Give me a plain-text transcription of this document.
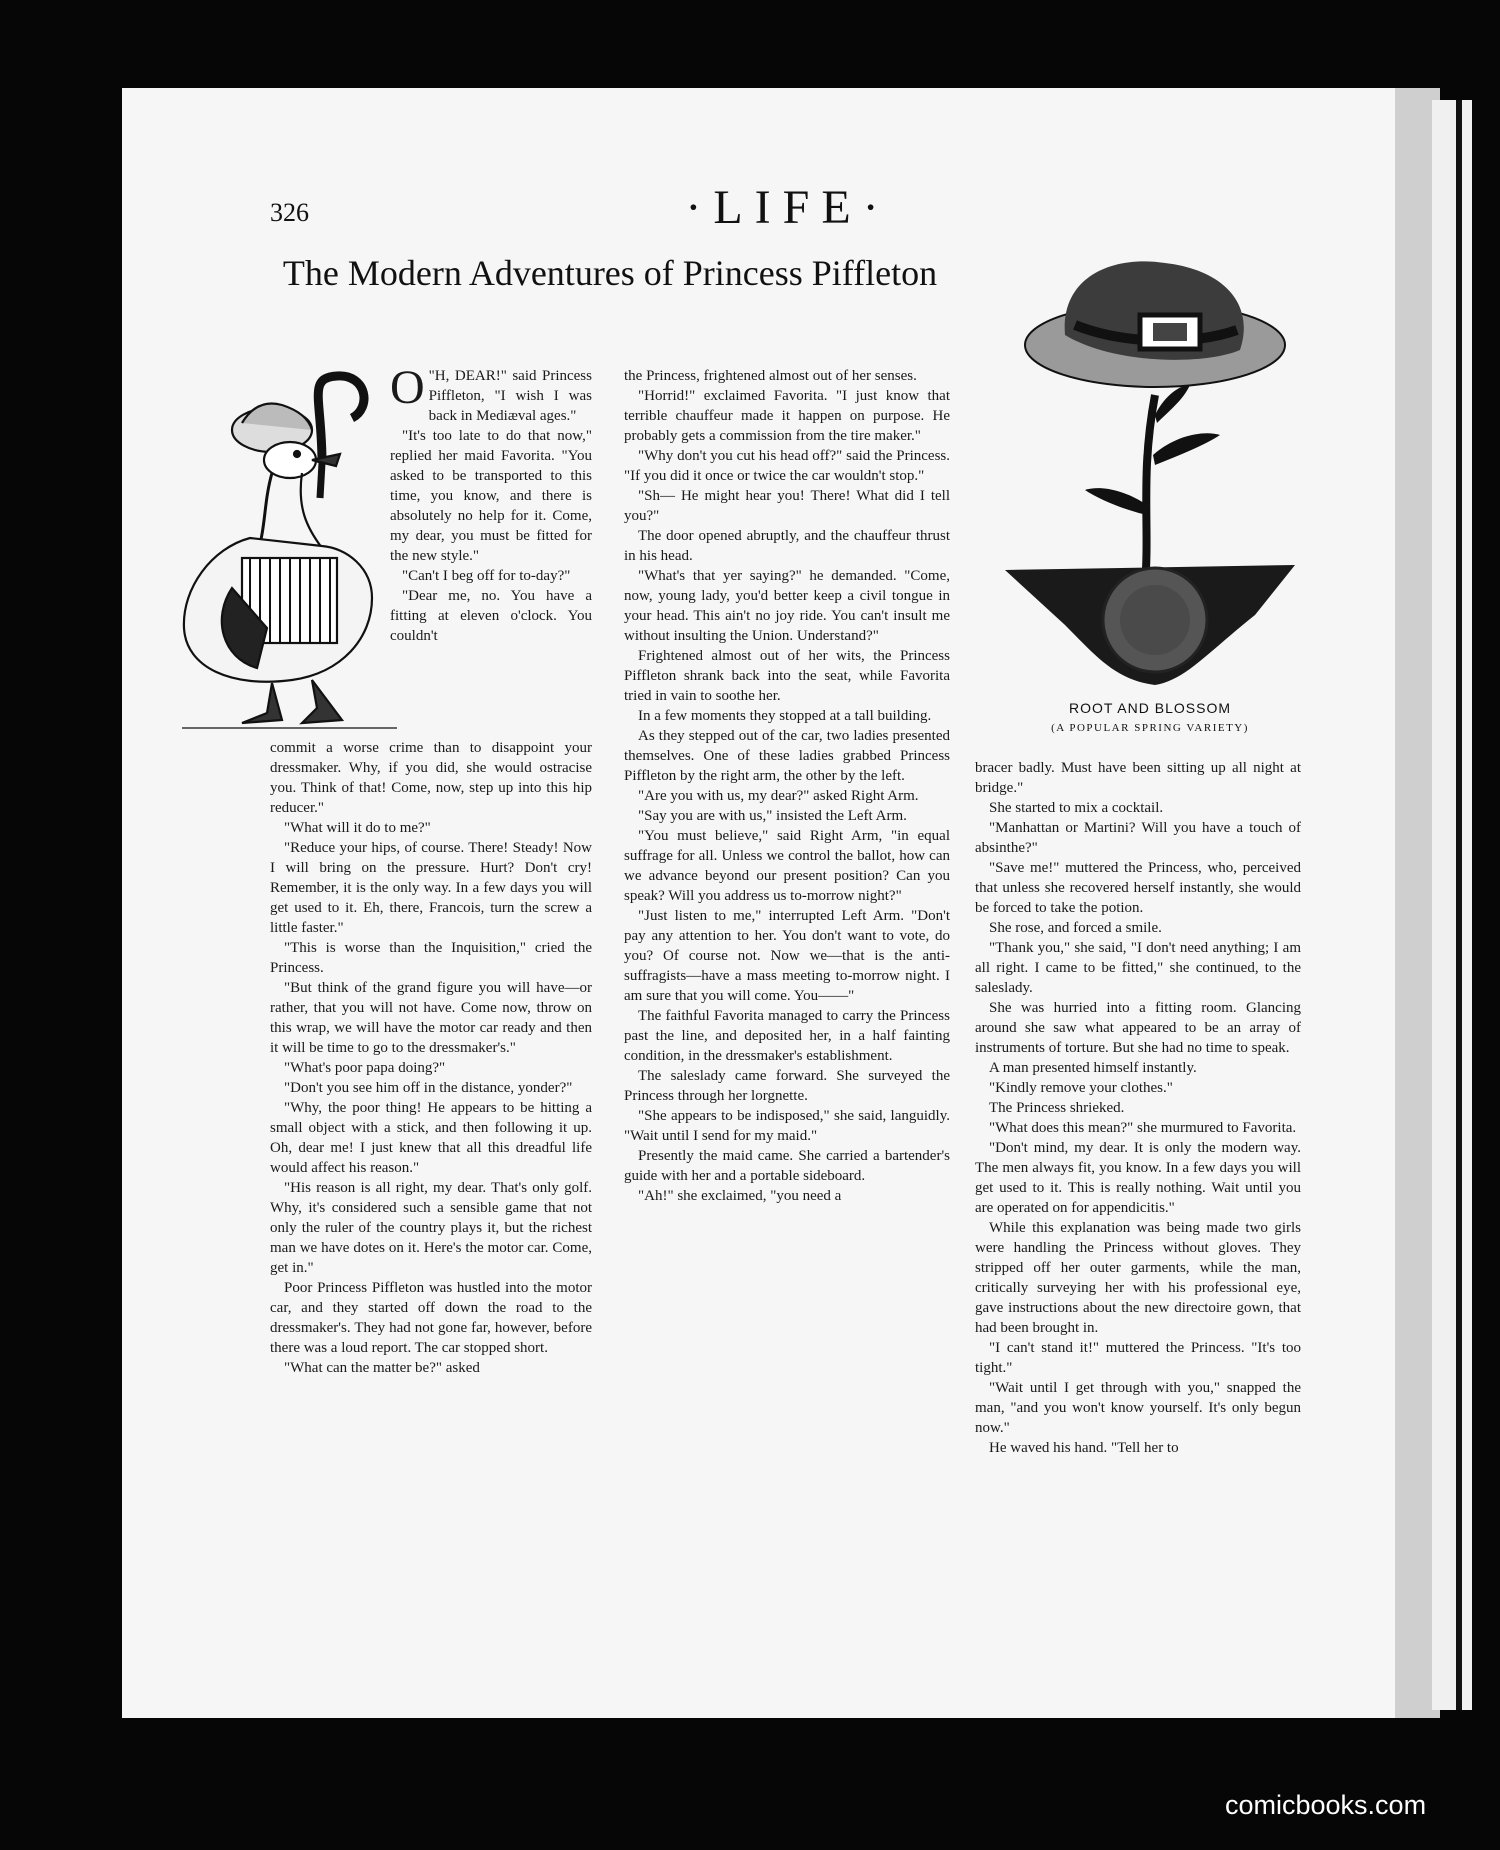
326	·LIFE·
The Modern Adventures of Princess Piffleton

O "H, DEAR!" said Princess Piffleton, "I wish I was back in Mediæval ages."

"It's too late to do that now," replied her maid Favorita. "You asked to be transported to this time, you know, and there is absolutely no help for it. Come, my dear, you must be fitted for the new style."

"Can't I beg off for to-day?"

"Dear me, no. You have a fitting at eleven o'clock. You couldn't

commit a worse crime than to disappoint your dressmaker. Why, if you did, she would ostracise you. Think of that! Come, now, step up into this hip reducer."

"What will it do to me?"

"Reduce your hips, of course. There! Steady! Now I will bring on the pressure. Hurt? Don't cry! Remember, it is the only way. In a few days you will get used to it. Eh, there, Francois, turn the screw a little faster."

"This is worse than the Inquisition," cried the Princess.

"But think of the grand figure you will have—or rather, that you will not have. Come now, throw on this wrap, we will have the motor car ready and then it will be time to go to the dressmaker's."

"What's poor papa doing?"

"Don't you see him off in the distance, yonder?"

"Why, the poor thing! He appears to be hitting a small object with a stick, and then following it up. Oh, dear me! I just knew that all this dreadful life would affect his reason."

"His reason is all right, my dear. That's only golf. Why, it's considered such a sensible game that not only the ruler of the country plays it, but the richest man we have dotes on it. Here's the motor car. Come, get in."

Poor Princess Piffleton was hustled into the motor car, and they started off down the road to the dressmaker's. They had not gone far, however, before there was a loud report. The car stopped short.

"What can the matter be?" asked

the Princess, frightened almost out of her senses.

"Horrid!" exclaimed Favorita. "I just know that terrible chauffeur made it happen on purpose. He probably gets a commission from the tire maker."

"Why don't you cut his head off?" said the Princess. "If you did it once or twice the car wouldn't stop."

"Sh— He might hear you! There! What did I tell you?"

The door opened abruptly, and the chauffeur thrust in his head.

"What's that yer saying?" he demanded. "Come, now, young lady, you'd better keep a civil tongue in your head. This ain't no joy ride. You can't insult me without insulting the Union. Understand?"

Frightened almost out of her wits, the Princess Piffleton shrank back into the seat, while Favorita tried in vain to soothe her.

In a few moments they stopped at a tall building.

As they stepped out of the car, two ladies presented themselves. One of these ladies grabbed Princess Piffleton by the right arm, the other by the left.

"Are you with us, my dear?" asked Right Arm.

"Say you are with us," insisted the Left Arm.

"You must believe," said Right Arm, "in equal suffrage for all. Unless we control the ballot, how can we advance beyond our present position? Can you speak? Will you address us to-morrow night?"

"Just listen to me," interrupted Left Arm. "Don't pay any attention to her. You don't want to vote, do you? Of course not. Now we—that is the anti-suffragists—have a mass meeting to-morrow night. I am sure that you will come. You——"

The faithful Favorita managed to carry the Princess past the line, and deposited her, in a half fainting condition, in the dressmaker's establishment.

The saleslady came forward. She surveyed the Princess through her lorgnette.

"She appears to be indisposed," she said, languidly. "Wait until I send for my maid."

Presently the maid came. She carried a bartender's guide with her and a portable sideboard.

"Ah!" she exclaimed, "you need a

ROOT AND BLOSSOM
(A POPULAR SPRING VARIETY)

bracer badly. Must have been sitting up all night at bridge."

She started to mix a cocktail.

"Manhattan or Martini? Will you have a touch of absinthe?"

"Save me!" muttered the Princess, who, perceived that unless she recovered herself instantly, she would be forced to take the potion.

She rose, and forced a smile.

"Thank you," she said, "I don't need anything; I am all right. I came to be fitted," she continued, to the saleslady.

She was hurried into a fitting room. Glancing around she saw what appeared to be an array of instruments of torture. But she had no time to speak.

A man presented himself instantly.

"Kindly remove your clothes."

The Princess shrieked.

"What does this mean?" she murmured to Favorita.

"Don't mind, my dear. It is only the modern way. The men always fit, you know. In a few days you will get used to it. This is really nothing. Wait until you are operated on for appendicitis."

While this explanation was being made two girls were handling the Princess without gloves. They stripped off her outer garments, while the man, critically surveying her with his professional eye, gave instructions about the new directoire gown, that had been brought in.

"I can't stand it!" muttered the Princess. "It's too tight."

"Wait until I get through with you," snapped the man, "and you won't know yourself. It's only begun now."

He waved his hand. "Tell her to

comicbooks.com
